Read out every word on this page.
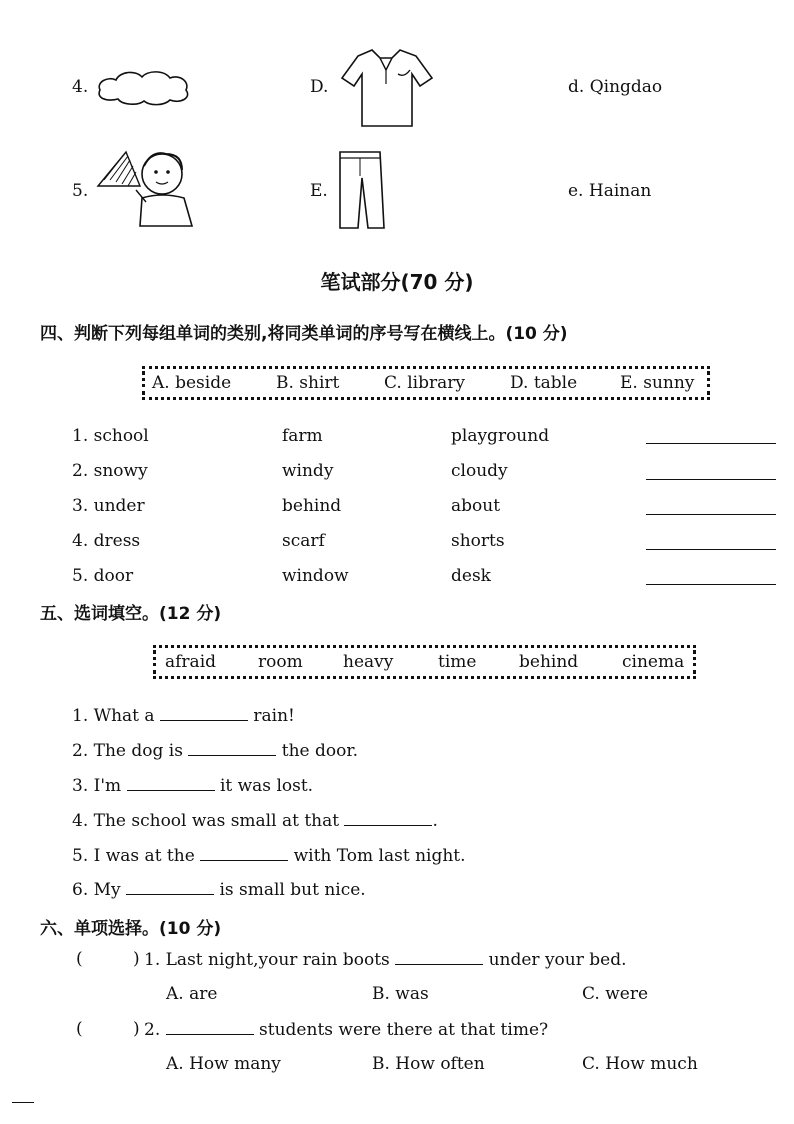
4.	D.	d. Qingdao
5.	E.	e. Hainan
笔试部分(70 分)
四、判断下列每组单词的类别,将同类单词的序号写在横线上。(10 分)
A. beside	B. shirt	C. library	D. table	E. sunny
1. school	farm	playground
2. snowy	windy	cloudy
3. under	behind	about
4. dress	scarf	shorts
5. door	window	desk
五、选词填空。(12 分)
afraid room heavy	time	behind	cinema
1. What a	rain!
2. The dog is	the door.
3. I'm	it was lost.
4. The school was small at that	.
5. I was at the	with Tom last night.
6. My	is small but nice.
六、单项选择。(10 分)
(	) 1. Last night,your rain boots	under your bed.
A. are	B. was	C. were
(	) 2.	students were there at that time?
A. How many	B. How often	C. How much
